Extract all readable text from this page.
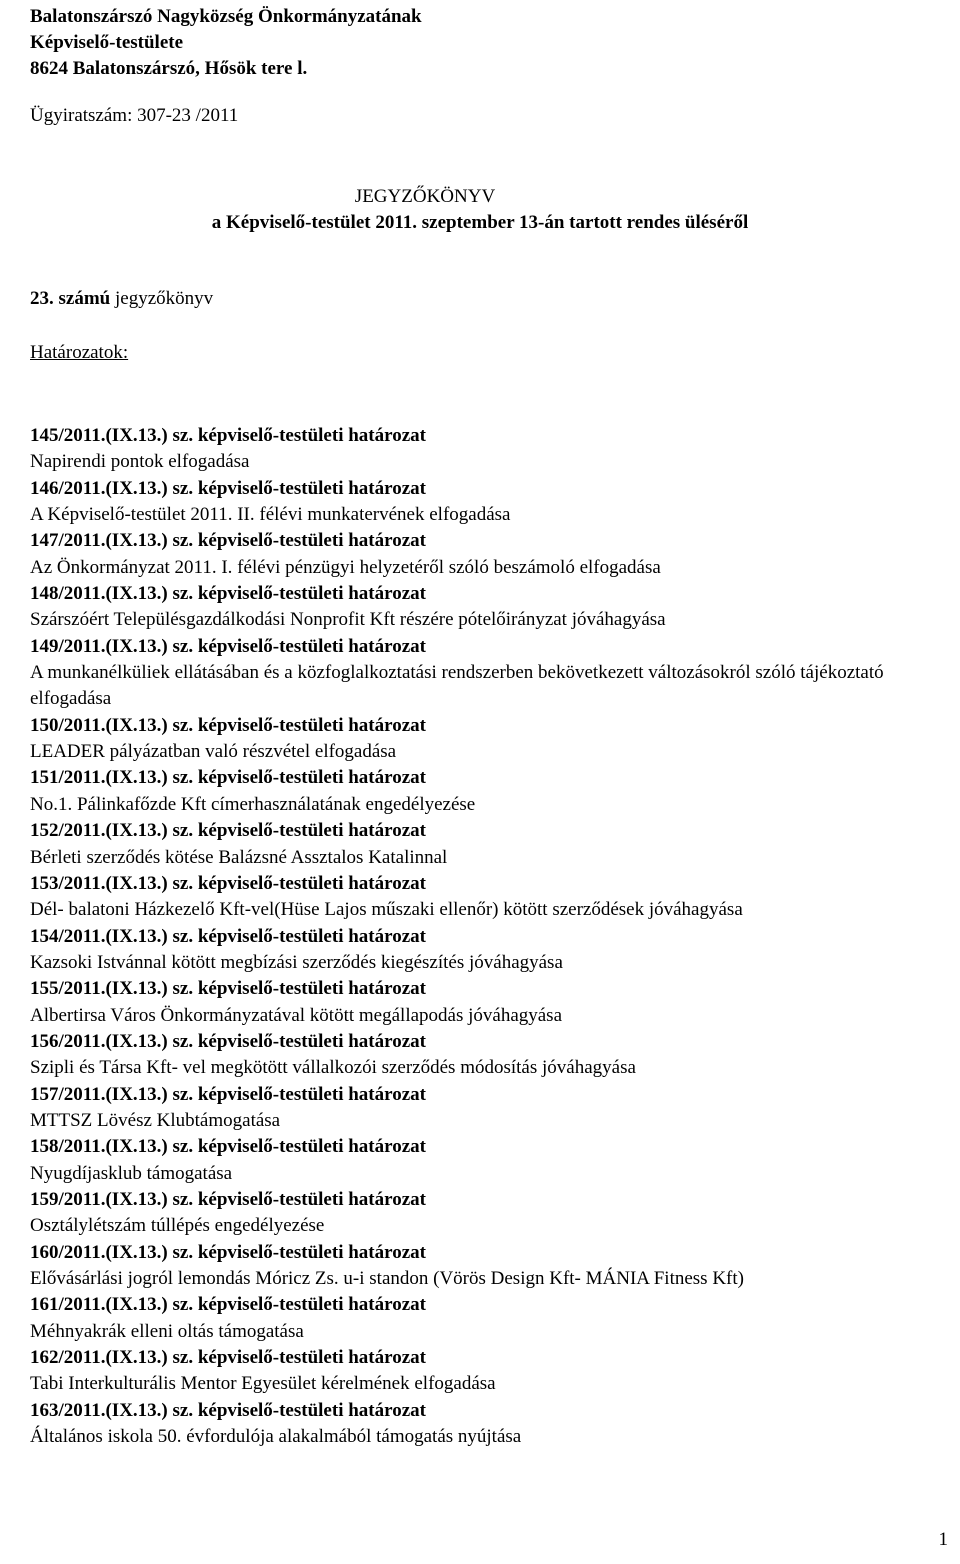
Balatonszárszó Nagyközség Önkormányzatának
Képviselő-testülete
8624 Balatonszárszó, Hősök tere l.
Ügyiratszám: 307-23 /2011
JEGYZŐKÖNYV
a Képviselő-testület 2011. szeptember 13-án tartott rendes üléséről
23. számú jegyzőkönyv
Határozatok:
145/2011.(IX.13.) sz. képviselő-testületi határozat
Napirendi pontok elfogadása
146/2011.(IX.13.) sz. képviselő-testületi határozat
A Képviselő-testület 2011. II. félévi munkatervének elfogadása
147/2011.(IX.13.) sz. képviselő-testületi határozat
Az Önkormányzat 2011. I. félévi pénzügyi helyzetéről szóló beszámoló elfogadása
148/2011.(IX.13.) sz. képviselő-testületi határozat
Szárszóért Településgazdálkodási Nonprofit Kft részére pótelőirányzat jóváhagyása
149/2011.(IX.13.) sz. képviselő-testületi határozat
A munkanélküliek ellátásában és a közfoglalkoztatási rendszerben bekövetkezett változásokról szóló tájékoztató elfogadása
150/2011.(IX.13.) sz. képviselő-testületi határozat
LEADER pályázatban való részvétel elfogadása
151/2011.(IX.13.) sz. képviselő-testületi határozat
No.1. Pálinkafőzde Kft címerhasználatának engedélyezése
152/2011.(IX.13.) sz. képviselő-testületi határozat
Bérleti szerződés kötése Balázsné Assztalos Katalinnal
153/2011.(IX.13.) sz. képviselő-testületi határozat
Dél- balatoni Házkezelő Kft-vel(Hüse Lajos műszaki ellenőr) kötött szerződések jóváhagyása
154/2011.(IX.13.) sz. képviselő-testületi határozat
Kazsoki Istvánnal kötött megbízási szerződés kiegészítés jóváhagyása
155/2011.(IX.13.) sz. képviselő-testületi határozat
Albertirsa Város Önkormányzatával kötött megállapodás jóváhagyása
156/2011.(IX.13.) sz. képviselő-testületi határozat
Szipli és Társa Kft- vel megkötött vállalkozói szerződés módosítás jóváhagyása
157/2011.(IX.13.) sz. képviselő-testületi határozat
MTTSZ Lövész Klubtámogatása
158/2011.(IX.13.) sz. képviselő-testületi határozat
Nyugdíjasklub támogatása
159/2011.(IX.13.) sz. képviselő-testületi határozat
Osztálylétszám túllépés engedélyezése
160/2011.(IX.13.) sz. képviselő-testületi határozat
Elővásárlási jogról lemondás Móricz Zs. u-i standon (Vörös Design Kft- MÁNIA Fitness Kft)
161/2011.(IX.13.) sz. képviselő-testületi határozat
Méhnyakrák elleni oltás támogatása
162/2011.(IX.13.) sz. képviselő-testületi határozat
Tabi Interkulturális Mentor Egyesület kérelmének elfogadása
163/2011.(IX.13.) sz. képviselő-testületi határozat
Általános iskola 50. évfordulója alakalmából támogatás nyújtása
1
